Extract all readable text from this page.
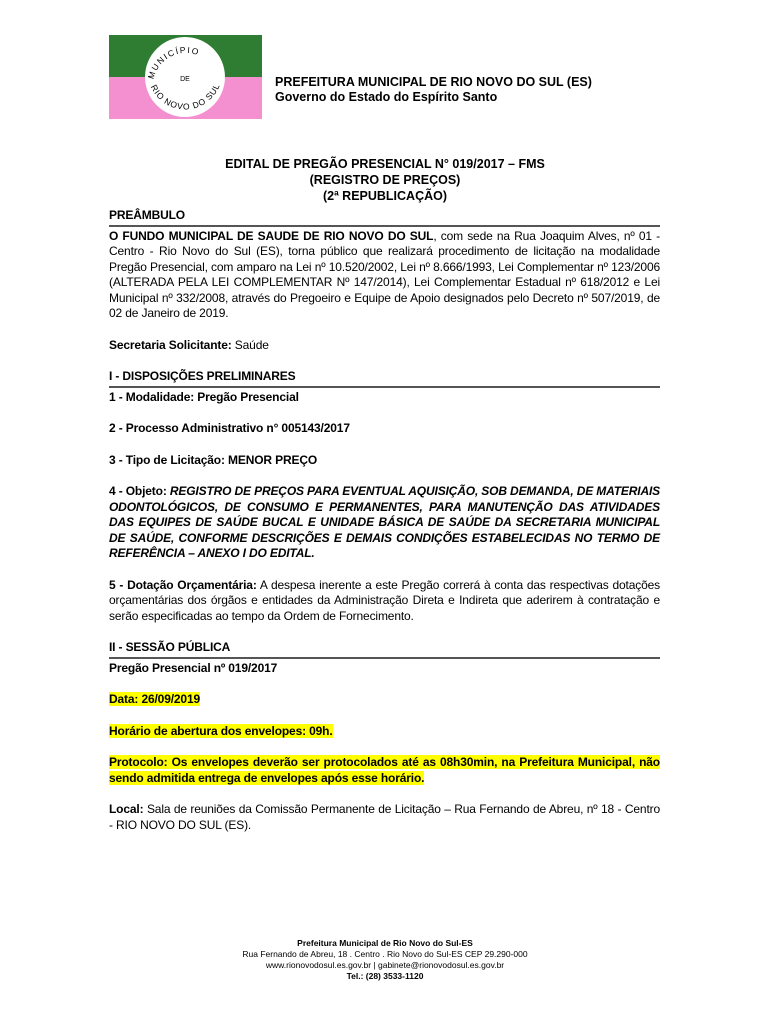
MUNICÍPIO
DE
RIO NOVO DO SUL	PREFEITURA MUNICIPAL DE RIO NOVO DO SUL (ES)
Governo do Estado do Espírito Santo
EDITAL DE PREGÃO PRESENCIAL N° 019/2017 – FMS
(REGISTRO DE PREÇOS)
(2ª REPUBLICAÇÃO)

PREÂMBULO

O FUNDO MUNICIPAL DE SAUDE DE RIO NOVO DO SUL, com sede na Rua Joaquim Alves, nº 01 - Centro - Rio Novo do Sul (ES), torna público que realizará procedimento de licitação na modalidade Pregão Presencial, com amparo na Lei nº 10.520/2002, Lei nº 8.666/1993, Lei Complementar nº 123/2006 (ALTERADA PELA LEI COMPLEMENTAR Nº 147/2014), Lei Complementar Estadual nº 618/2012 e Lei Municipal nº 332/2008, através do Pregoeiro e Equipe de Apoio designados pelo Decreto nº 507/2019, de 02 de Janeiro de 2019.

Secretaria Solicitante: Saúde

I - DISPOSIÇÕES PRELIMINARES

1 - Modalidade: Pregão Presencial

2 - Processo Administrativo n° 005143/2017

3 - Tipo de Licitação: MENOR PREÇO

4 - Objeto: REGISTRO DE PREÇOS PARA EVENTUAL AQUISIÇÃO, SOB DEMANDA, DE MATERIAIS ODONTOLÓGICOS, DE CONSUMO E PERMANENTES, PARA MANUTENÇÃO DAS ATIVIDADES DAS EQUIPES DE SAÚDE BUCAL E UNIDADE BÁSICA DE SAÚDE DA SECRETARIA MUNICIPAL DE SAÚDE, CONFORME DESCRIÇÕES E DEMAIS CONDIÇÕES ESTABELECIDAS NO TERMO DE REFERÊNCIA – ANEXO I DO EDITAL.

5 - Dotação Orçamentária: A despesa inerente a este Pregão correrá à conta das respectivas dotações orçamentárias dos órgãos e entidades da Administração Direta e Indireta que aderirem à contratação e serão especificadas ao tempo da Ordem de Fornecimento.

II - SESSÃO PÚBLICA

Pregão Presencial nº 019/2017

Data: 26/09/2019

Horário de abertura dos envelopes: 09h.

Protocolo: Os envelopes deverão ser protocolados até as 08h30min, na Prefeitura Municipal, não sendo admitida entrega de envelopes após esse horário.

Local: Sala de reuniões da Comissão Permanente de Licitação – Rua Fernando de Abreu, nº 18 - Centro - RIO NOVO DO SUL (ES).

Prefeitura Municipal de Rio Novo do Sul-ES
Rua Fernando de Abreu, 18 . Centro . Rio Novo do Sul-ES CEP 29.290-000
www.rionovodosul.es.gov.br | gabinete@rionovodosul.es.gov.br
Tel.: (28) 3533-1120
